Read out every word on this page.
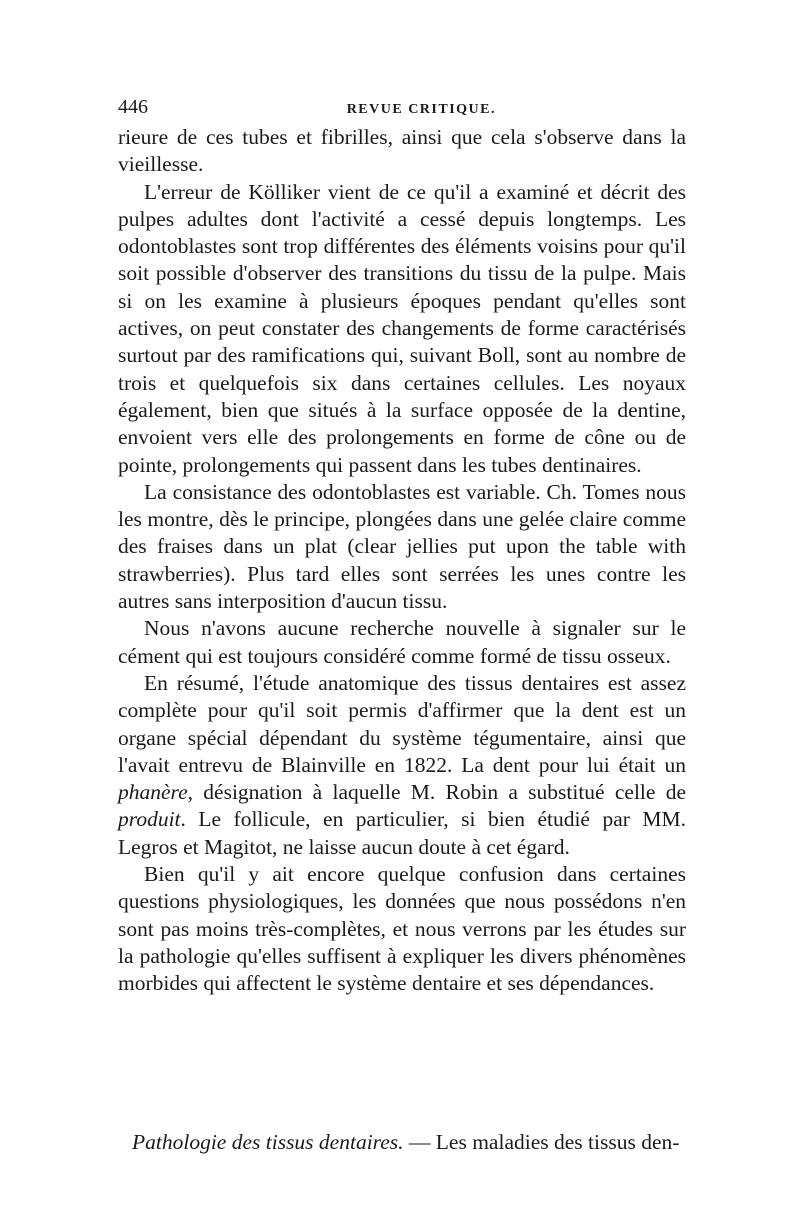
446	REVUE CRITIQUE.

rieure de ces tubes et fibrilles, ainsi que cela s'observe dans la vieillesse.

L'erreur de Kölliker vient de ce qu'il a examiné et décrit des pulpes adultes dont l'activité a cessé depuis longtemps. Les odontoblastes sont trop différentes des éléments voisins pour qu'il soit possible d'observer des transitions du tissu de la pulpe. Mais si on les examine à plusieurs époques pendant qu'elles sont actives, on peut constater des changements de forme caractérisés surtout par des ramifications qui, suivant Boll, sont au nombre de trois et quelquefois six dans certaines cellules. Les noyaux également, bien que situés à la surface opposée de la dentine, envoient vers elle des prolongements en forme de cône ou de pointe, prolongements qui passent dans les tubes dentinaires.

La consistance des odontoblastes est variable. Ch. Tomes nous les montre, dès le principe, plongées dans une gelée claire comme des fraises dans un plat (clear jellies put upon the table with strawberries). Plus tard elles sont serrées les unes contre les autres sans interposition d'aucun tissu.

Nous n'avons aucune recherche nouvelle à signaler sur le cément qui est toujours considéré comme formé de tissu osseux.

En résumé, l'étude anatomique des tissus dentaires est assez complète pour qu'il soit permis d'affirmer que la dent est un organe spécial dépendant du système tégumentaire, ainsi que l'avait entrevu de Blainville en 1822. La dent pour lui était un phanère, désignation à laquelle M. Robin a substitué celle de produit. Le follicule, en particulier, si bien étudié par MM. Legros et Magitot, ne laisse aucun doute à cet égard.

Bien qu'il y ait encore quelque confusion dans certaines questions physiologiques, les données que nous possédons n'en sont pas moins très-complètes, et nous verrons par les études sur la pathologie qu'elles suffisent à expliquer les divers phénomènes morbides qui affectent le système dentaire et ses dépendances.

Pathologie des tissus dentaires. — Les maladies des tissus den-
